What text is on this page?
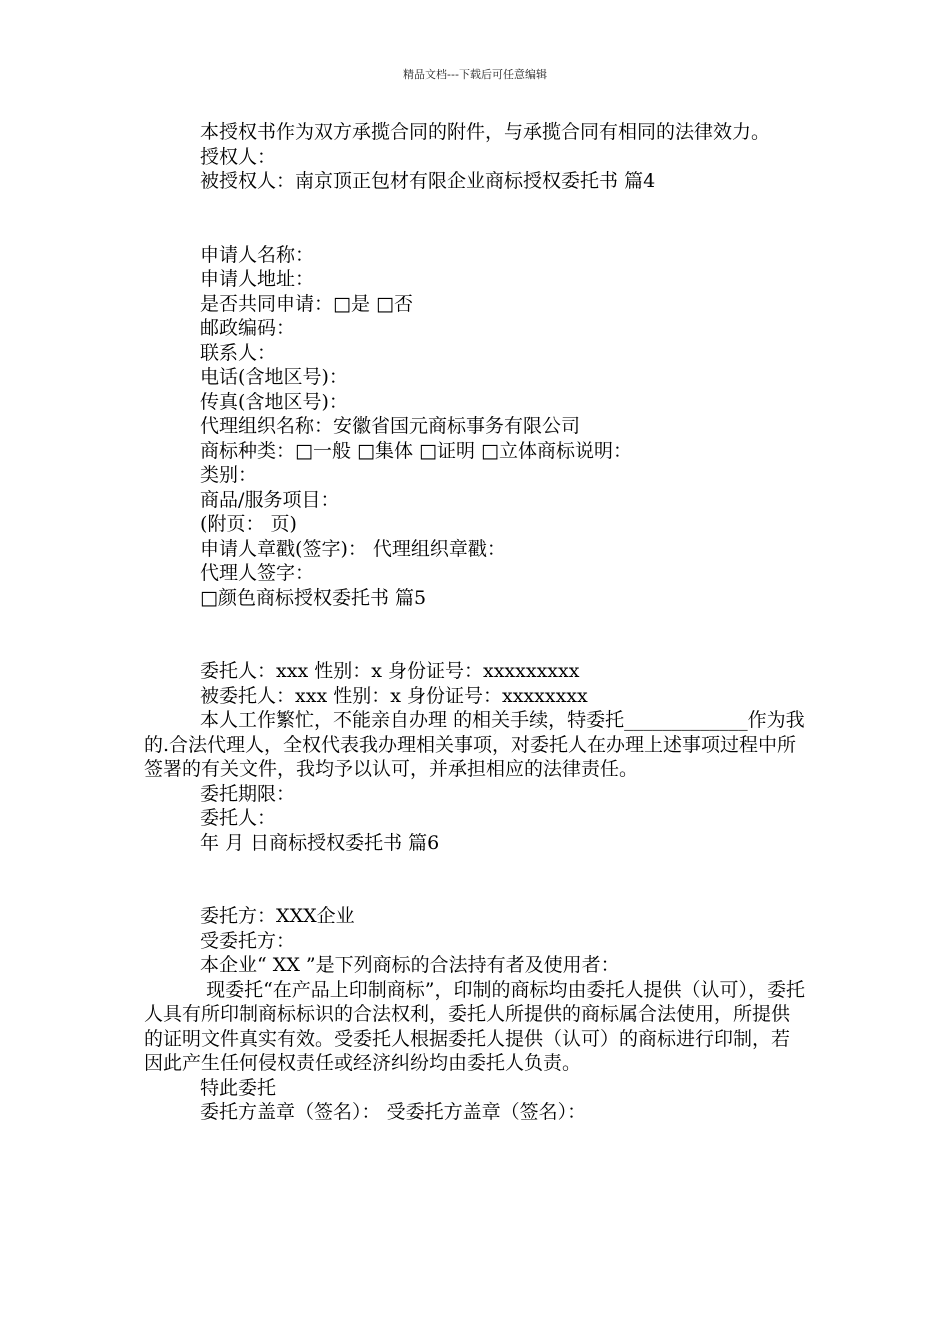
精品文档---下载后可任意编辑

本授权书作为双方承揽合同的附件，与承揽合同有相同的法律效力。

授权人：

被授权人：南京顶正包材有限企业商标授权委托书 篇4

申请人名称：

申请人地址：

是否共同申请：□是 □否

邮政编码：

联系人：

电话(含地区号)：

传真(含地区号)：

代理组织名称：安徽省国元商标事务有限公司

商标种类：□一般 □集体 □证明 □立体商标说明：

类别：

商品/服务项目：

(附页： 页)

申请人章戳(签字)： 代理组织章戳：

代理人签字：

□颜色商标授权委托书 篇5

委托人：xxx 性别：x 身份证号：xxxxxxxxx

被委托人：xxx 性别：x 身份证号：xxxxxxxx

本人工作繁忙，不能亲自办理 的相关手续，特委托_____________作为我的.合法代理人，全权代表我办理相关事项，对委托人在办理上述事项过程中所签署的有关文件，我均予以认可，并承担相应的法律责任。

委托期限：

委托人：

年 月 日商标授权委托书 篇6

委托方：XXX企业

受委托方：

本企业“ XX ”是下列商标的合法持有者及使用者：

现委托“在产品上印制商标”，印制的商标均由委托人提供（认可），委托人具有所印制商标标识的合法权利，委托人所提供的商标属合法使用，所提供的证明文件真实有效。受委托人根据委托人提供（认可）的商标进行印制，若因此产生任何侵权责任或经济纠纷均由委托人负责。

特此委托

委托方盖章（签名）： 受委托方盖章（签名）：
